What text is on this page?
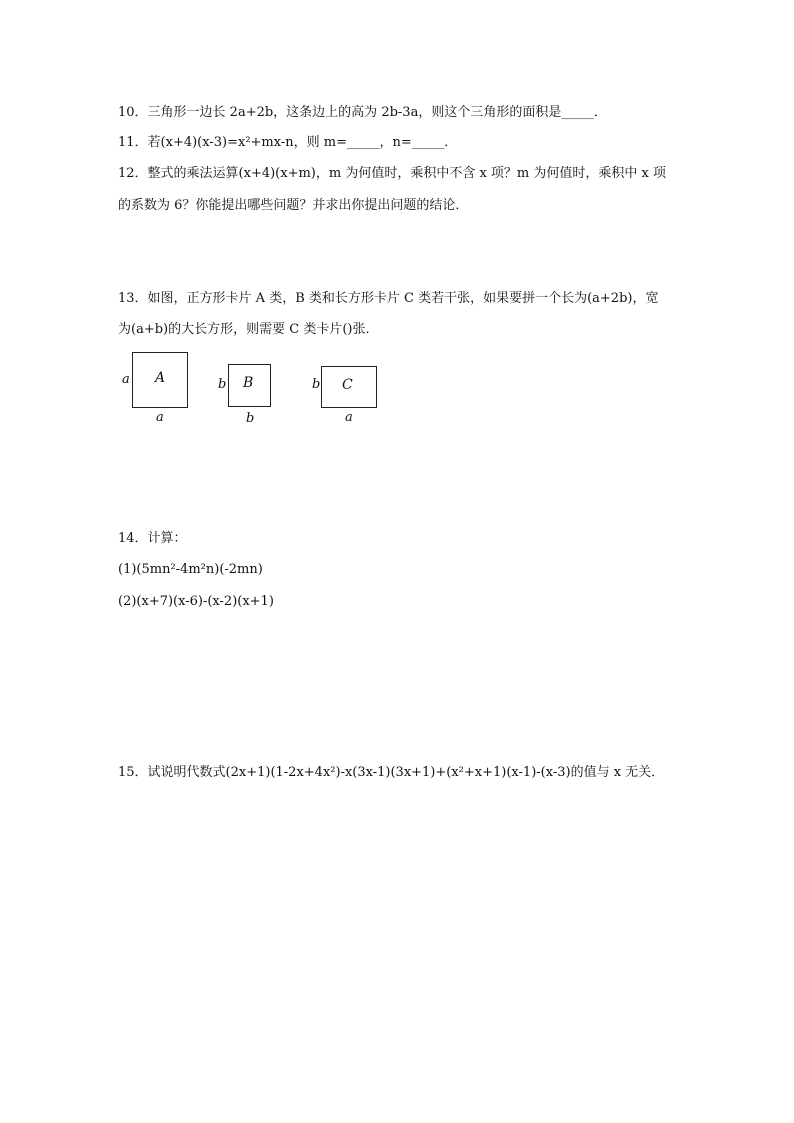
10．三角形一边长 2a+2b，这条边上的高为 2b-3a，则这个三角形的面积是_____．
11．若(x+4)(x-3)=x²+mx-n，则 m=_____，n=_____．
12．整式的乘法运算(x+4)(x+m)，m 为何值时，乘积中不含 x 项？m 为何值时，乘积中 x 项
的系数为 6？你能提出哪些问题？并求出你提出问题的结论．
13．如图，正方形卡片 A 类，B 类和长方形卡片 C 类若干张，如果要拼一个长为(a+2b)，宽
为(a+b)的大长方形，则需要 C 类卡片()张．
a A
a
b B
b
b C
a
14．计算：
(1)(5mn²-4m²n)(-2mn)
(2)(x+7)(x-6)-(x-2)(x+1)
15．试说明代数式(2x+1)(1-2x+4x²)-x(3x-1)(3x+1)+(x²+x+1)(x-1)-(x-3)的值与 x 无关．
